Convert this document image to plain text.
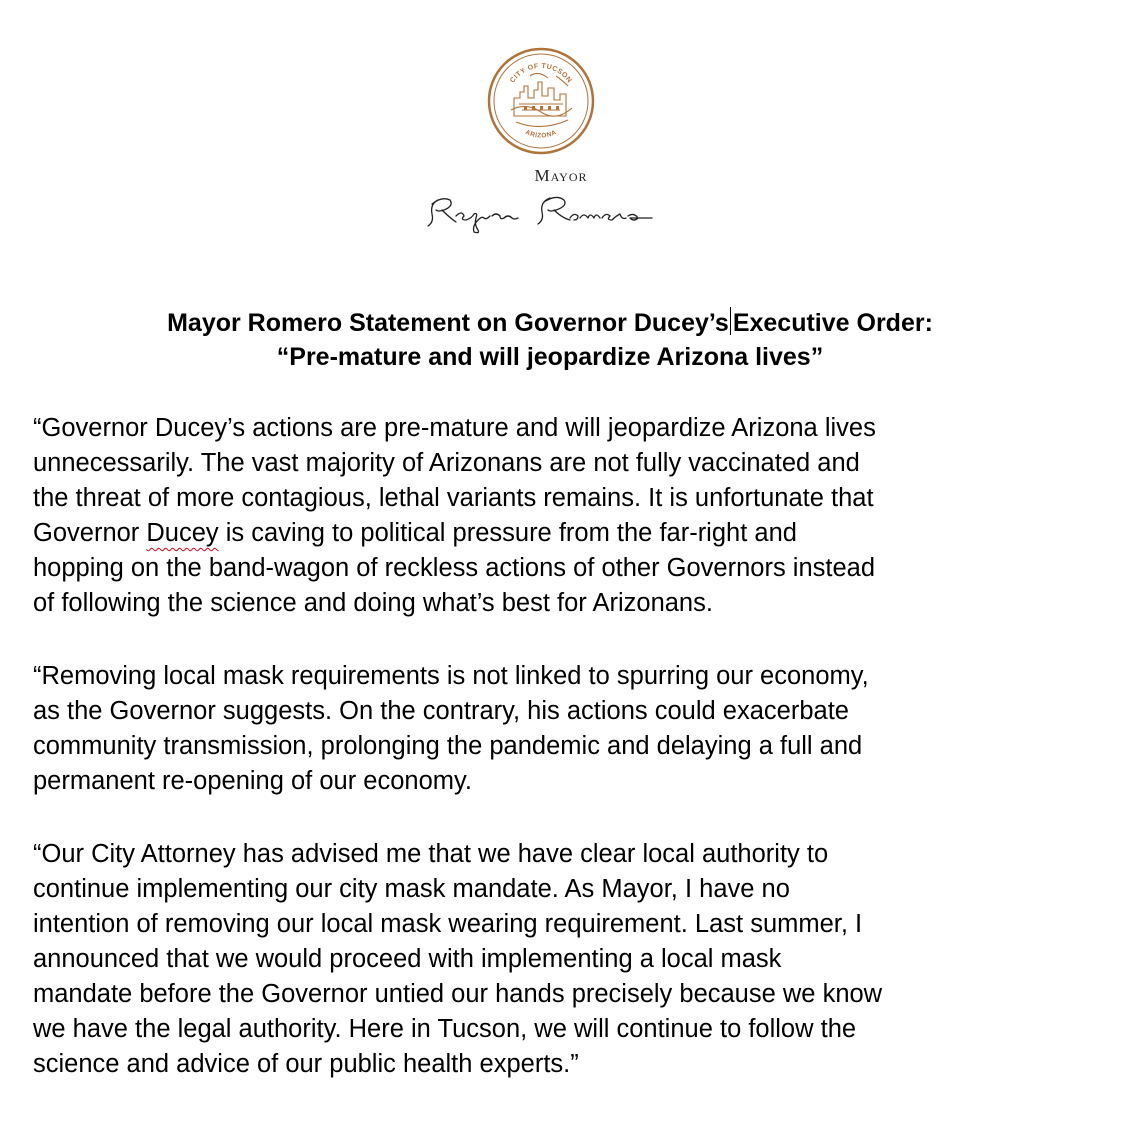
CITY OF TUCSON
ARIZONA
Mayor
Mayor Romero Statement on Governor Ducey’s Executive Order:
“Pre-mature and will jeopardize Arizona lives”
“Governor Ducey’s actions are pre-mature and will jeopardize Arizona lives
unnecessarily. The vast majority of Arizonans are not fully vaccinated and
the threat of more contagious, lethal variants remains. It is unfortunate that
Governor Ducey is caving to political pressure from the far-right and
hopping on the band-wagon of reckless actions of other Governors instead
of following the science and doing what’s best for Arizonans.
“Removing local mask requirements is not linked to spurring our economy,
as the Governor suggests. On the contrary, his actions could exacerbate
community transmission, prolonging the pandemic and delaying a full and
permanent re-opening of our economy.
“Our City Attorney has advised me that we have clear local authority to
continue implementing our city mask mandate. As Mayor, I have no
intention of removing our local mask wearing requirement. Last summer, I
announced that we would proceed with implementing a local mask
mandate before the Governor untied our hands precisely because we know
we have the legal authority. Here in Tucson, we will continue to follow the
science and advice of our public health experts.”
